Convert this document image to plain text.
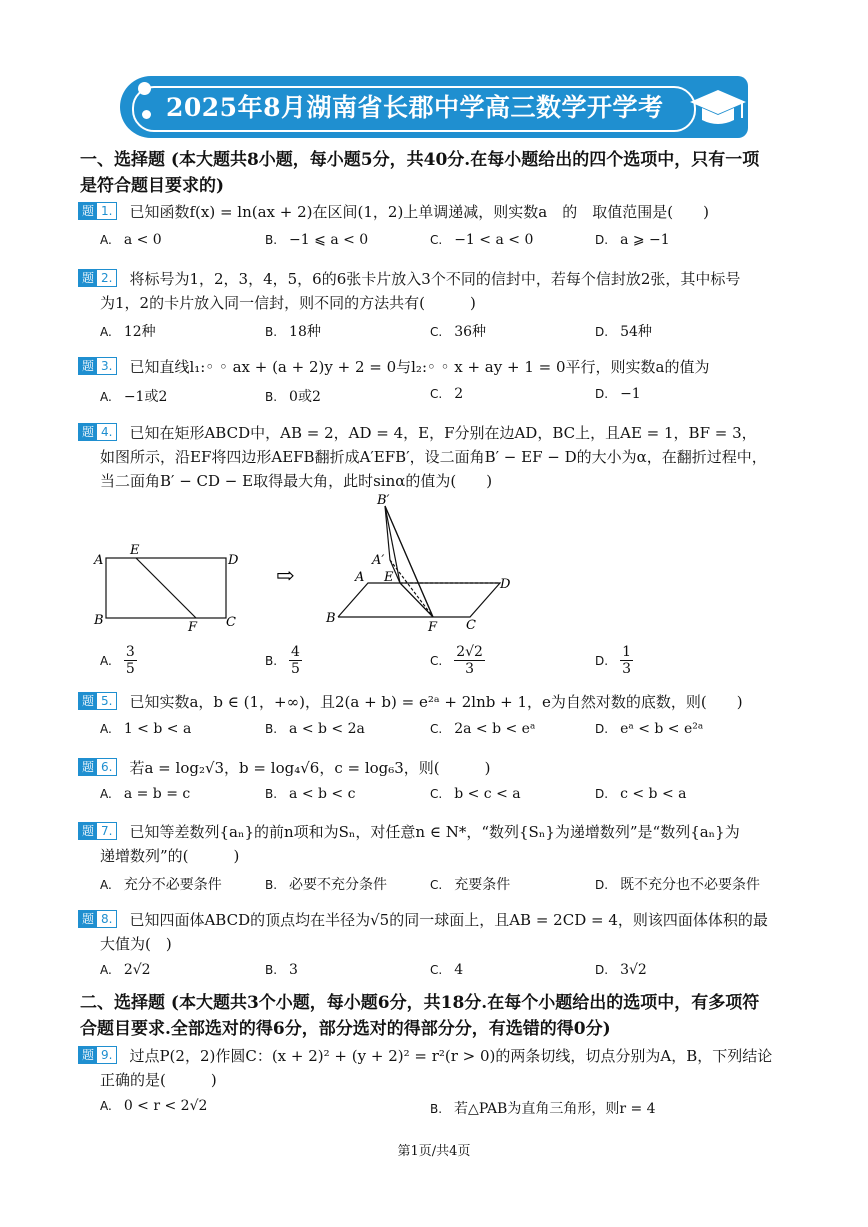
2025年8月湖南省长郡中学高三数学开学考
一、选择题 (本大题共8小题，每小题5分，共40分.在每小题给出的四个选项中，只有一项
是符合题目要求的)
题 1. 已知函数f(x) = ln(ax + 2)在区间(1，2)上单调递减，则实数a　的　取值范围是(　　)
A. a < 0	B. −1 ⩽ a < 0	C. −1 < a < 0	D. a ⩾ −1
题 2. 将标号为1，2，3，4，5，6的6张卡片放入3个不同的信封中，若每个信封放2张，其中标号
为1，2的卡片放入同一信封，则不同的方法共有(　　　)
A. 12种	B. 18种	C. 36种	D. 54种
题 3. 已知直线l₁:◦ ◦ ax + (a + 2)y + 2 = 0与l₂:◦ ◦ x + ay + 1 = 0平行，则实数a的值为
A. −1或2	B. 0或2	C. 2	D. −1
题 4. 已知在矩形ABCD中，AB = 2，AD = 4，E，F分别在边AD，BC上，且AE = 1，BF = 3，
如图所示，沿EF将四边形AEFB翻折成A′EFB′，设二面角B′ − EF − D的大小为α，在翻折过程中，
当二面角B′ − CD − E取得最大角，此时sinα的值为(　　)
A
E
D
B	F C
⇨
B′
A′
A E	D
B
F C
A. $\frac{3}{5}$	B. $\frac{4}{5}$	C. $\frac{2√2}{3}$	D. $\frac{1}{3}$
题 5. 已知实数a，b ∈ (1，+∞)，且2(a + b) = e²ᵃ + 2lnb + 1，e为自然对数的底数，则(　　)
A. 1 < b < a	B. a < b < 2a	C. 2a < b < eᵃ	D. eᵃ < b < e²ᵃ
题 6. 若a = log₂√3，b = log₄√6，c = log₆3，则(　　　)
A. a = b = c	B. a < b < c	C. b < c < a	D. c < b < a
题 7. 已知等差数列{aₙ}的前n项和为Sₙ，对任意n ∈ N*，“数列{Sₙ}为递增数列”是“数列{aₙ}为
递增数列”的(　　　)
A. 充分不必要条件	B. 必要不充分条件	C. 充要条件	D. 既不充分也不必要条件
题 8. 已知四面体ABCD的顶点均在半径为√5的同一球面上，且AB = 2CD = 4，则该四面体体积的最
大值为(　)
A. 2√2	B. 3	C. 4	D. 3√2
二、选择题 (本大题共3个小题，每小题6分，共18分.在每个小题给出的选项中，有多项符
合题目要求.全部选对的得6分，部分选对的得部分分，有选错的得0分)
题 9. 过点P(2，2)作圆C：(x + 2)² + (y + 2)² = r²(r > 0)的两条切线，切点分别为A，B，下列结论
正确的是(　　　)
A. 0 < r < 2√2	B. 若△PAB为直角三角形，则r = 4
第1页/共4页
